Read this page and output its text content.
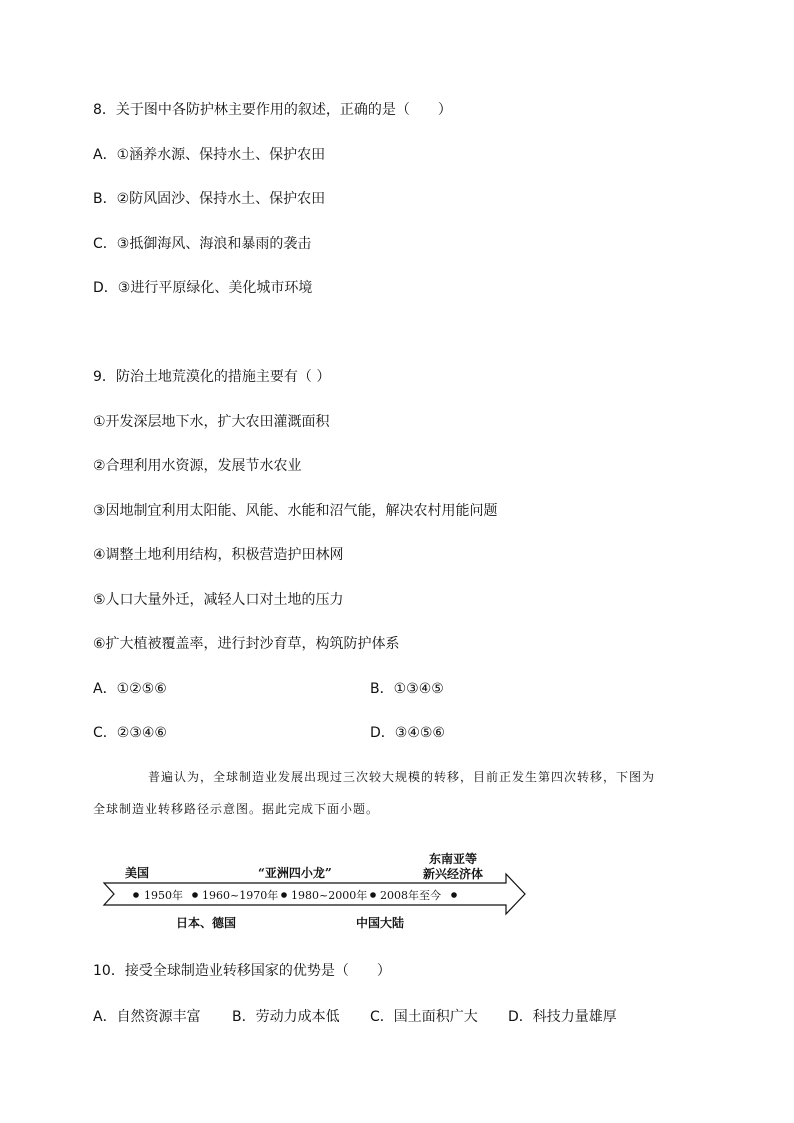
8．关于图中各防护林主要作用的叙述，正确的是（　　）
A．①涵养水源、保持水土、保护农田
B．②防风固沙、保持水土、保护农田
C．③抵御海风、海浪和暴雨的袭击
D．③进行平原绿化、美化城市环境
9．防治土地荒漠化的措施主要有（ ）
①开发深层地下水，扩大农田灌溉面积
②合理利用水资源，发展节水农业
③因地制宜利用太阳能、风能、水能和沼气能，解决农村用能问题
④调整土地利用结构，积极营造护田林网
⑤人口大量外迁，减轻人口对土地的压力
⑥扩大植被覆盖率，进行封沙育草，构筑防护体系
A．①②⑤⑥	B．①③④⑤
C．②③④⑥	D．③④⑤⑥
普遍认为，全球制造业发展出现过三次较大规模的转移，目前正发生第四次转移，下图为
全球制造业转移路径示意图。据此完成下面小题。
美国	“亚洲四小龙”
东南亚等
新兴经济体
1950年 1960~1970年 1980~2000年 2008年至今
日本、德国	中国大陆
10．接受全球制造业转移国家的优势是（　　）
A．自然资源丰富 B．劳动力成本低 C．国土面积广大 D．科技力量雄厚
